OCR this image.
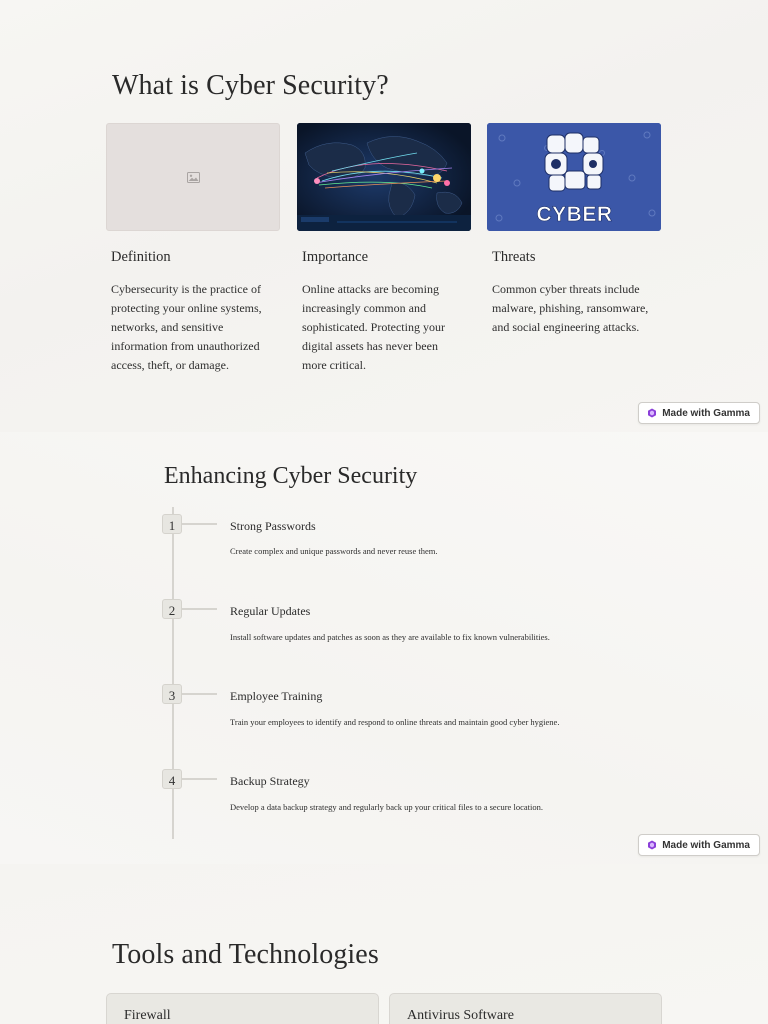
What is Cyber Security?
CYBER
Definition	Importance	Threats
Cybersecurity is the practice of protecting your online systems, networks, and sensitive information from unauthorized access, theft, or damage.
Online attacks are becoming increasingly common and sophisticated. Protecting your digital assets has never been more critical.
Common cyber threats include malware, phishing, ransomware, and social engineering attacks.
Made with Gamma
Enhancing Cyber Security
1	Strong Passwords
Create complex and unique passwords and never reuse them.
2	Regular Updates
Install software updates and patches as soon as they are available to fix known vulnerabilities.
3	Employee Training
Train your employees to identify and respond to online threats and maintain good cyber hygiene.
4	Backup Strategy
Develop a data backup strategy and regularly back up your critical files to a secure location.
Made with Gamma
Tools and Technologies
Firewall	Antivirus Software
